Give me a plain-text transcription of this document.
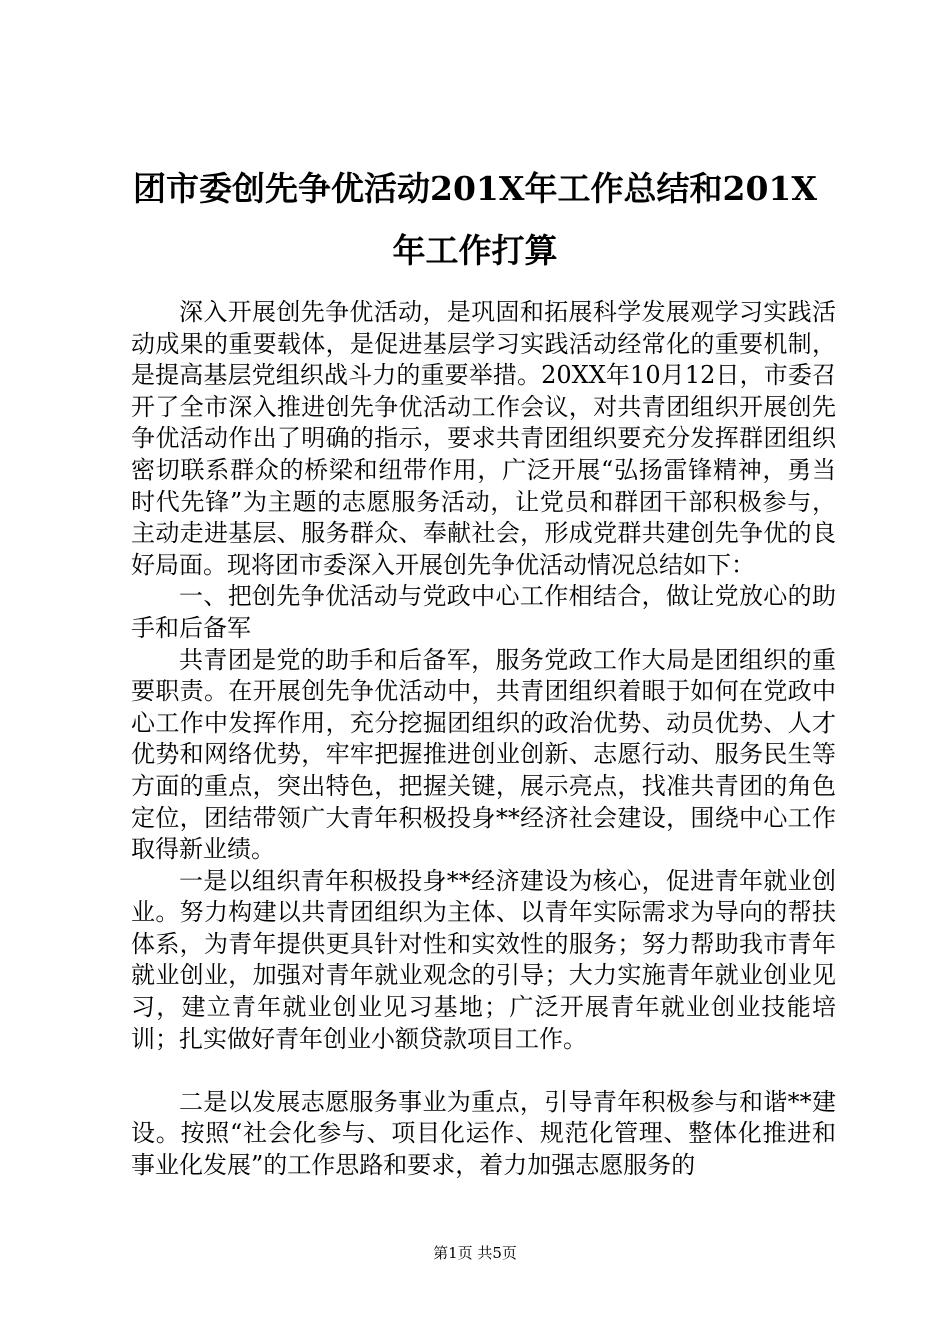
团市委创先争优活动201X年工作总结和201X
年工作打算

深入开展创先争优活动，是巩固和拓展科学发展观学习实践活动成果的重要载体，是促进基层学习实践活动经常化的重要机制，是提高基层党组织战斗力的重要举措。20XX年10月12日，市委召开了全市深入推进创先争优活动工作会议，对共青团组织开展创先争优活动作出了明确的指示，要求共青团组织要充分发挥群团组织密切联系群众的桥梁和纽带作用，广泛开展“弘扬雷锋精神，勇当时代先锋”为主题的志愿服务活动，让党员和群团干部积极参与，主动走进基层、服务群众、奉献社会，形成党群共建创先争优的良好局面。现将团市委深入开展创先争优活动情况总结如下：

一、把创先争优活动与党政中心工作相结合，做让党放心的助手和后备军

共青团是党的助手和后备军，服务党政工作大局是团组织的重要职责。在开展创先争优活动中，共青团组织着眼于如何在党政中心工作中发挥作用，充分挖掘团组织的政治优势、动员优势、人才优势和网络优势，牢牢把握推进创业创新、志愿行动、服务民生等方面的重点，突出特色，把握关键，展示亮点，找准共青团的角色定位，团结带领广大青年积极投身**经济社会建设，围绕中心工作取得新业绩。

一是以组织青年积极投身**经济建设为核心，促进青年就业创业。努力构建以共青团组织为主体、以青年实际需求为导向的帮扶体系，为青年提供更具针对性和实效性的服务；努力帮助我市青年就业创业，加强对青年就业观念的引导；大力实施青年就业创业见习，建立青年就业创业见习基地；广泛开展青年就业创业技能培训；扎实做好青年创业小额贷款项目工作。

二是以发展志愿服务事业为重点，引导青年积极参与和谐**建设。按照“社会化参与、项目化运作、规范化管理、整体化推进和事业化发展”的工作思路和要求，着力加强志愿服务的

第1页 共5页
